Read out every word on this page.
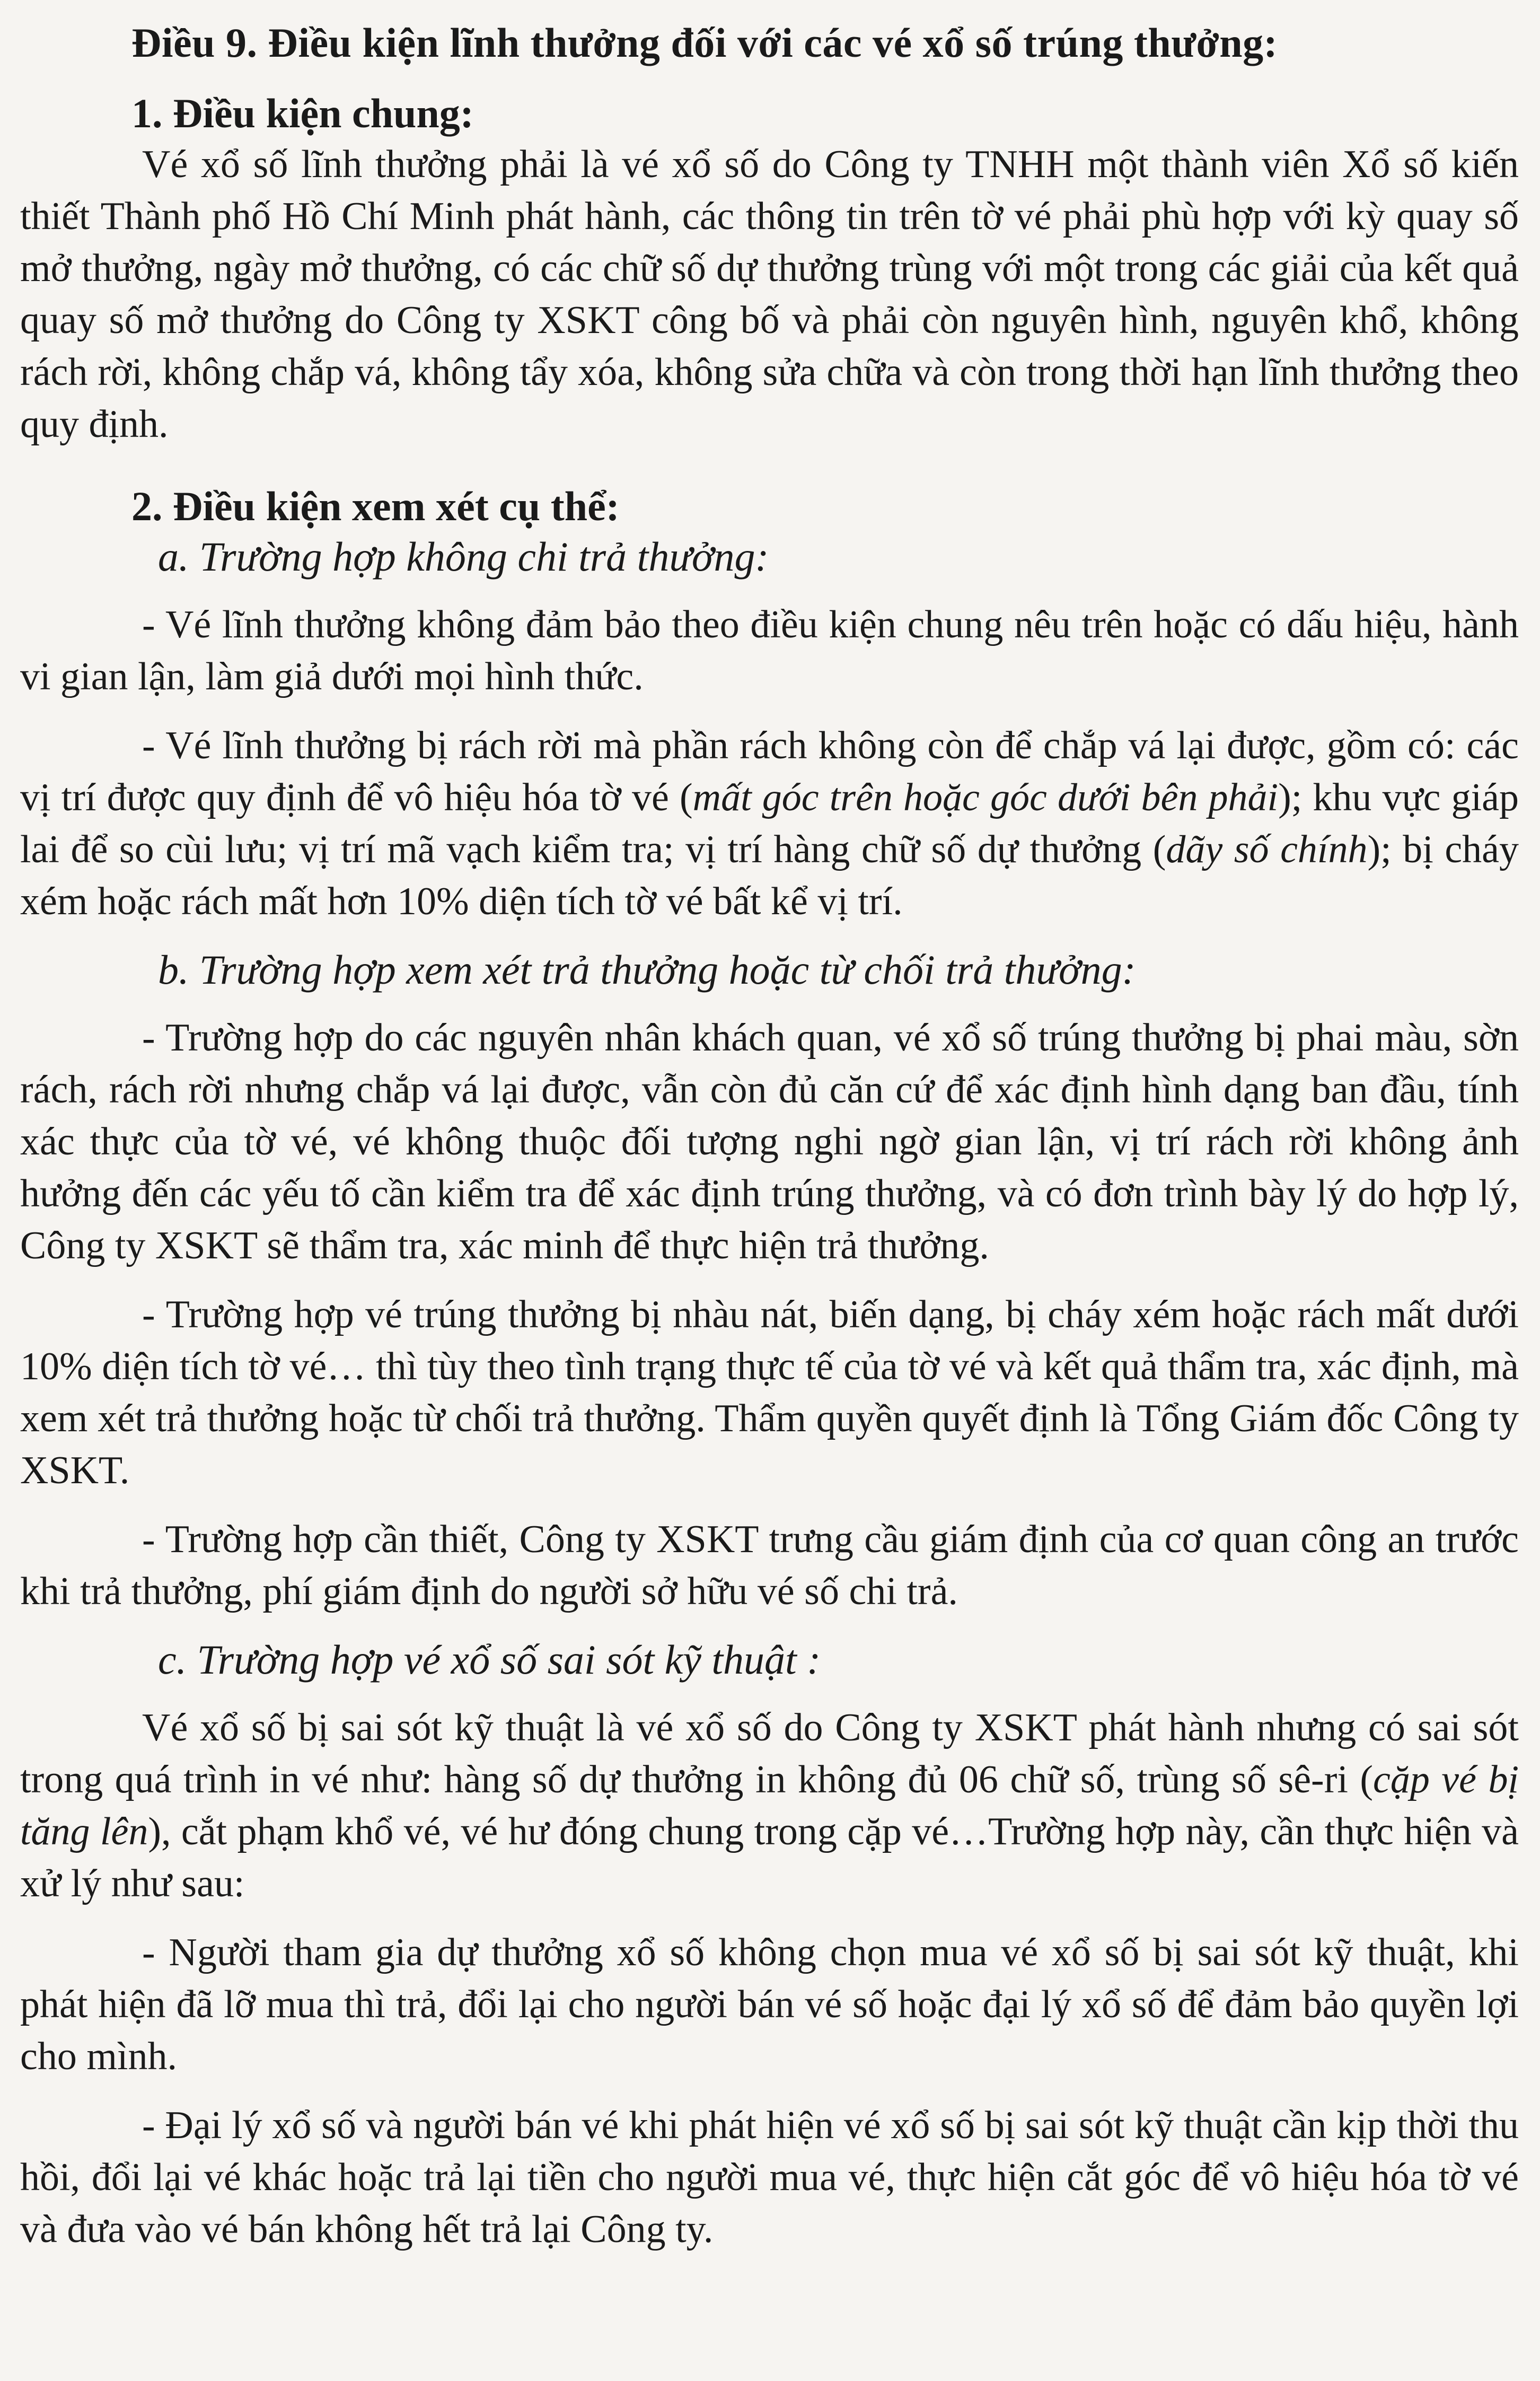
Điều 9. Điều kiện lĩnh thưởng đối với các vé xổ số trúng thưởng:
1. Điều kiện chung:

Vé xổ số lĩnh thưởng phải là vé xổ số do Công ty TNHH một thành viên Xổ số kiến thiết Thành phố Hồ Chí Minh phát hành, các thông tin trên tờ vé phải phù hợp với kỳ quay số mở thưởng, ngày mở thưởng, có các chữ số dự thưởng trùng với một trong các giải của kết quả quay số mở thưởng do Công ty XSKT công bố và phải còn nguyên hình, nguyên khổ, không rách rời, không chắp vá, không tẩy xóa, không sửa chữa và còn trong thời hạn lĩnh thưởng theo quy định.

2. Điều kiện xem xét cụ thể:
a. Trường hợp không chi trả thưởng:

- Vé lĩnh thưởng không đảm bảo theo điều kiện chung nêu trên hoặc có dấu hiệu, hành vi gian lận, làm giả dưới mọi hình thức.

- Vé lĩnh thưởng bị rách rời mà phần rách không còn để chắp vá lại được, gồm có: các vị trí được quy định để vô hiệu hóa tờ vé (mất góc trên hoặc góc dưới bên phải); khu vực giáp lai để so cùi lưu; vị trí mã vạch kiểm tra; vị trí hàng chữ số dự thưởng (dãy số chính); bị cháy xém hoặc rách mất hơn 10% diện tích tờ vé bất kể vị trí.

b. Trường hợp xem xét trả thưởng hoặc từ chối trả thưởng:

- Trường hợp do các nguyên nhân khách quan, vé xổ số trúng thưởng bị phai màu, sờn rách, rách rời nhưng chắp vá lại được, vẫn còn đủ căn cứ để xác định hình dạng ban đầu, tính xác thực của tờ vé, vé không thuộc đối tượng nghi ngờ gian lận, vị trí rách rời không ảnh hưởng đến các yếu tố cần kiểm tra để xác định trúng thưởng, và có đơn trình bày lý do hợp lý, Công ty XSKT sẽ thẩm tra, xác minh để thực hiện trả thưởng.

- Trường hợp vé trúng thưởng bị nhàu nát, biến dạng, bị cháy xém hoặc rách mất dưới 10% diện tích tờ vé… thì tùy theo tình trạng thực tế của tờ vé và kết quả thẩm tra, xác định, mà xem xét trả thưởng hoặc từ chối trả thưởng. Thẩm quyền quyết định là Tổng Giám đốc Công ty XSKT.

- Trường hợp cần thiết, Công ty XSKT trưng cầu giám định của cơ quan công an trước khi trả thưởng, phí giám định do người sở hữu vé số chi trả.

c. Trường hợp vé xổ số sai sót kỹ thuật :

Vé xổ số bị sai sót kỹ thuật là vé xổ số do Công ty XSKT phát hành nhưng có sai sót trong quá trình in vé như: hàng số dự thưởng in không đủ 06 chữ số, trùng số sê-ri (cặp vé bị tăng lên), cắt phạm khổ vé, vé hư đóng chung trong cặp vé…Trường hợp này, cần thực hiện và xử lý như sau:

- Người tham gia dự thưởng xổ số không chọn mua vé xổ số bị sai sót kỹ thuật, khi phát hiện đã lỡ mua thì trả, đổi lại cho người bán vé số hoặc đại lý xổ số để đảm bảo quyền lợi cho mình.

- Đại lý xổ số và người bán vé khi phát hiện vé xổ số bị sai sót kỹ thuật cần kịp thời thu hồi, đổi lại vé khác hoặc trả lại tiền cho người mua vé, thực hiện cắt góc để vô hiệu hóa tờ vé và đưa vào vé bán không hết trả lại Công ty.
